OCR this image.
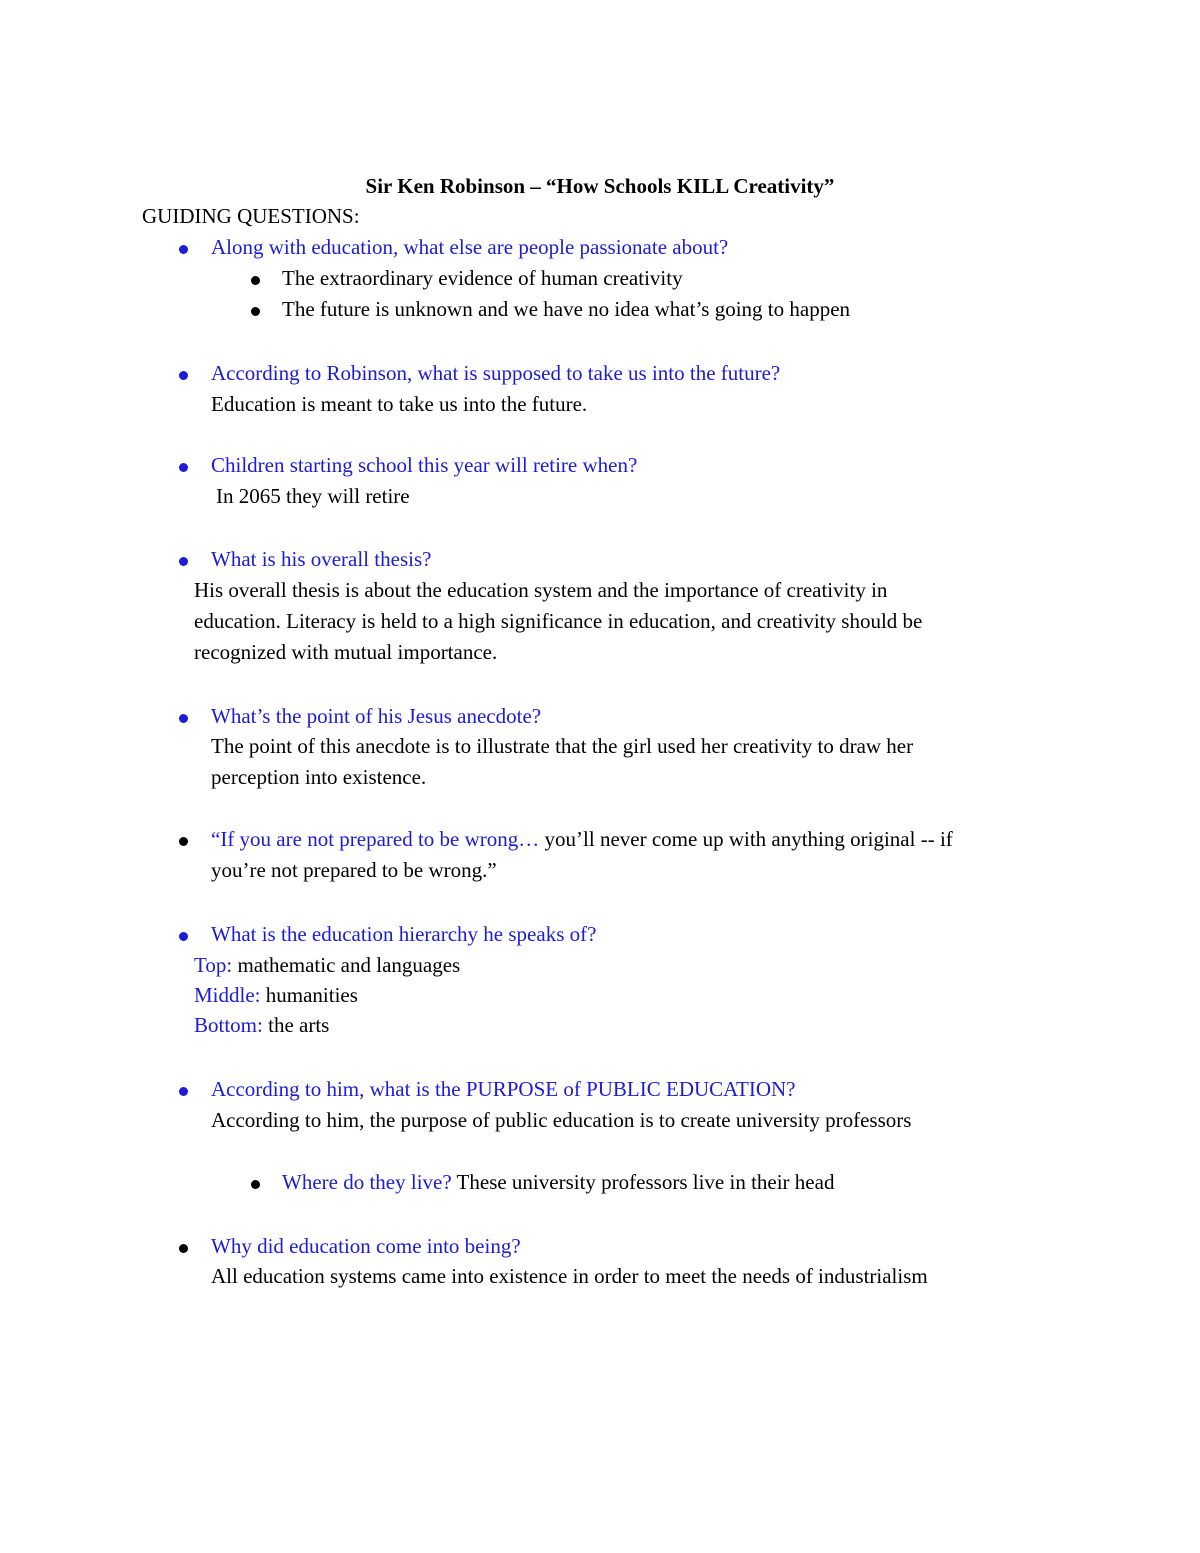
Sir Ken Robinson – “How Schools KILL Creativity”
GUIDING QUESTIONS:
Along with education, what else are people passionate about?
The extraordinary evidence of human creativity
The future is unknown and we have no idea what’s going to happen
According to Robinson, what is supposed to take us into the future?
Education is meant to take us into the future.
Children starting school this year will retire when?
In 2065 they will retire
What is his overall thesis?
His overall thesis is about the education system and the importance of creativity in
education. Literacy is held to a high significance in education, and creativity should be
recognized with mutual importance.
What’s the point of his Jesus anecdote?
The point of this anecdote is to illustrate that the girl used her creativity to draw her
perception into existence.
“If you are not prepared to be wrong… you’ll never come up with anything original -- if
you’re not prepared to be wrong.”
What is the education hierarchy he speaks of?
Top: mathematic and languages
Middle: humanities
Bottom: the arts
According to him, what is the PURPOSE of PUBLIC EDUCATION?
According to him, the purpose of public education is to create university professors
Where do they live? These university professors live in their head
Why did education come into being?
All education systems came into existence in order to meet the needs of industrialism
